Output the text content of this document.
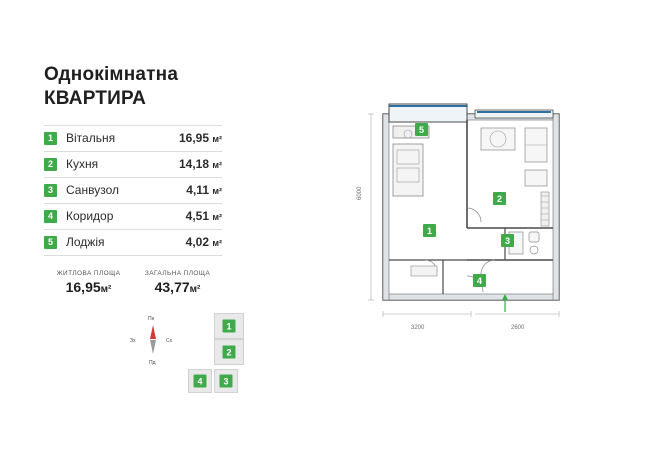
Однокімнатна
КВАРТИРА
1	Вітальня	16,95 м²
2	Кухня	14,18 м²
3	Санвузол	4,11 м²
4	Коридор	4,51 м²
5	Лоджія	4,02 м²
ЖИТЛОВА ПЛОЩА
16,95м²
ЗАГАЛЬНА ПЛОЩА
43,77м²
Пн
Пд
Зх	Сх
1
2
3
4
1
2
3
4
5
6000
3200	2600
